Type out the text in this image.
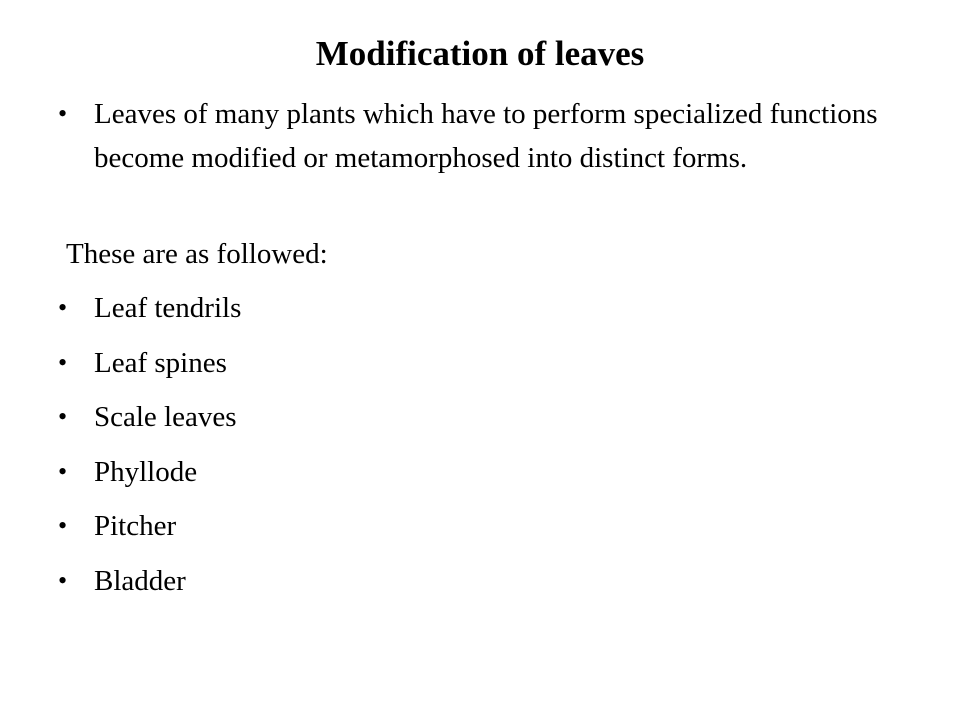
Modification of leaves
• Leaves of many plants which have to perform specialized functions become modified or metamorphosed into distinct forms.
These are as followed:
• Leaf tendrils
• Leaf spines
• Scale leaves
• Phyllode
• Pitcher
• Bladder
